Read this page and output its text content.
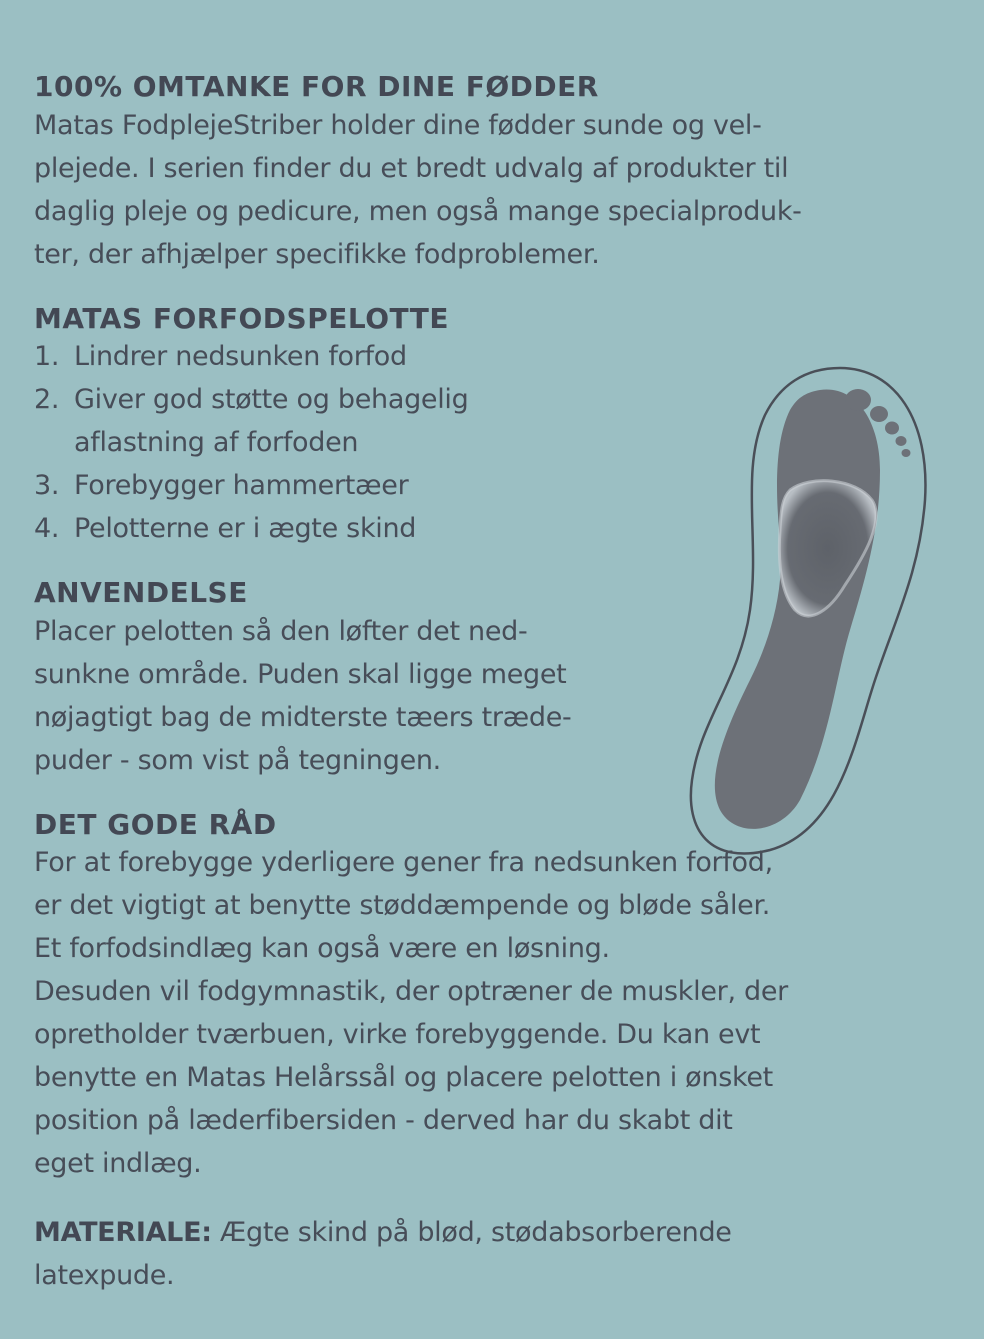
100% OMTANKE FOR DINE FØDDER
Matas FodplejeStriber holder dine fødder sunde og vel-
plejede. I serien finder du et bredt udvalg af produkter til
daglig pleje og pedicure, men også mange specialproduk-
ter, der afhjælper specifikke fodproblemer.
MATAS FORFODSPELOTTE
1. Lindrer nedsunken forfod
2. Giver god støtte og behagelig
aflastning af forfoden
3. Forebygger hammertæer
4. Pelotterne er i ægte skind
ANVENDELSE
Placer pelotten så den løfter det ned-
sunkne område. Puden skal ligge meget
nøjagtigt bag de midterste tæers træde-
puder - som vist på tegningen.
DET GODE RÅD
For at forebygge yderligere gener fra nedsunken forfod,
er det vigtigt at benytte støddæmpende og bløde såler.
Et forfodsindlæg kan også være en løsning.
Desuden vil fodgymnastik, der optræner de muskler, der
opretholder tværbuen, virke forebyggende. Du kan evt
benytte en Matas Helårssål og placere pelotten i ønsket
position på læderfibersiden - derved har du skabt dit
eget indlæg.
MATERIALE: Ægte skind på blød, stødabsorberende
latexpude.
